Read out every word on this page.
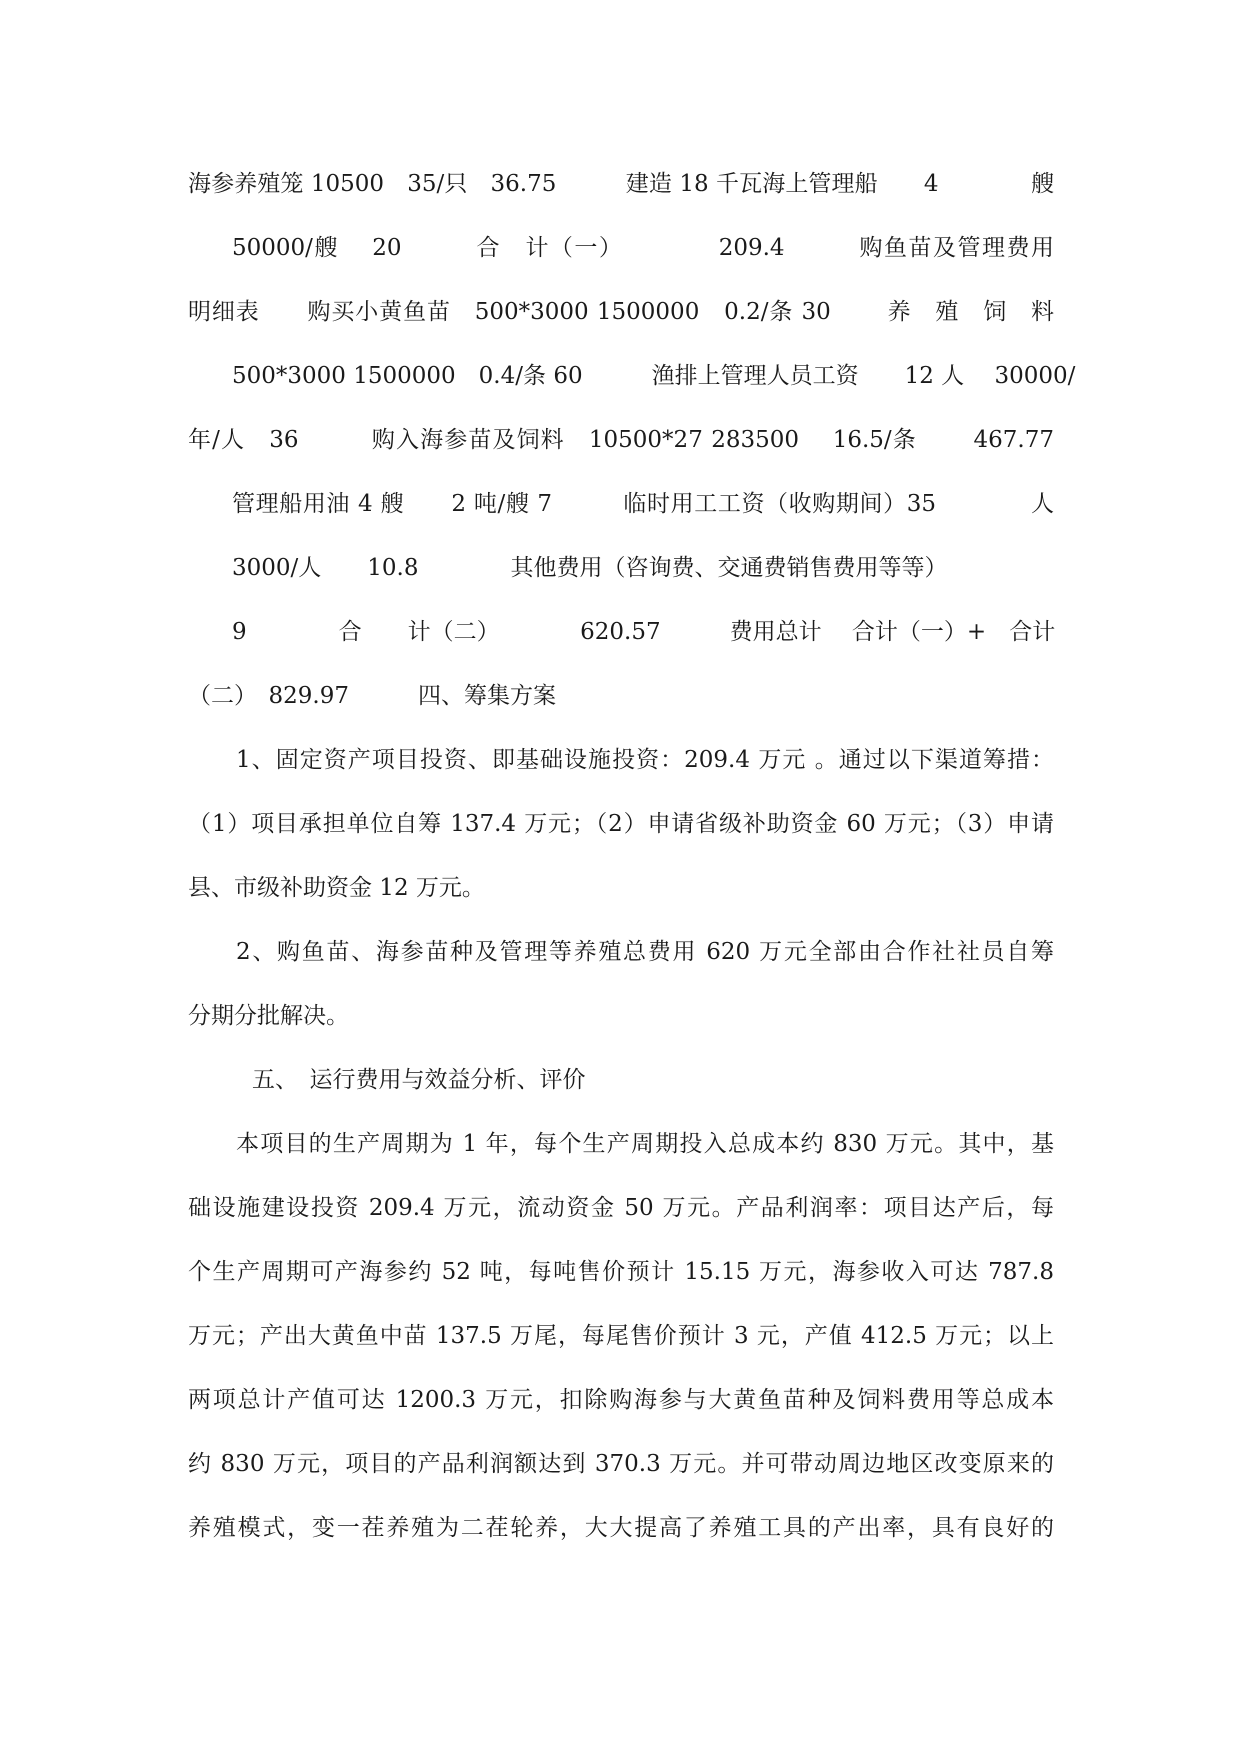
海参养殖笼 10500　35/只　36.75　　　建造 18 千瓦海上管理船　　4　　　　艘
50000/艘　 20　　　合　计（一）　　　　 209.4　　　购鱼苗及管理费用
明细表　　购买小黄鱼苗　500*3000 1500000　0.2/条 30　　 养　殖　饲　料
500*3000 1500000　0.4/条 60　　　渔排上管理人员工资　　12 人　 30000/
年/人　36　　　购入海参苗及饲料　10500*27 283500　 16.5/条　　 467.77
管理船用油 4 艘　　2 吨/艘 7　　　临时用工工资（收购期间）35　　　　人
3000/人　　10.8　　　　其他费用（咨询费、交通费销售费用等等）
9　　　　合　　计（二）　　　　620.57　　　费用总计　 合计（一）+　合计
（二）　829.97　　　四、筹集方案
1、固定资产项目投资、即基础设施投资：209.4 万元 。通过以下渠道筹措：
（1）项目承担单位自筹 137.4 万元；（2）申请省级补助资金 60 万元；（3）申请
县、市级补助资金 12 万元。
2、购鱼苗、海参苗种及管理等养殖总费用 620 万元全部由合作社社员自筹
分期分批解决。
五、　运行费用与效益分析、评价
本项目的生产周期为 1 年，每个生产周期投入总成本约 830 万元。其中，基
础设施建设投资 209.4 万元，流动资金 50 万元。产品利润率：项目达产后，每
个生产周期可产海参约 52 吨，每吨售价预计 15.15 万元，海参收入可达 787.8
万元；产出大黄鱼中苗 137.5 万尾，每尾售价预计 3 元，产值 412.5 万元；以上
两项总计产值可达 1200.3 万元，扣除购海参与大黄鱼苗种及饲料费用等总成本
约 830 万元，项目的产品利润额达到 370.3 万元。并可带动周边地区改变原来的
养殖模式，变一茬养殖为二茬轮养，大大提高了养殖工具的产出率，具有良好的
